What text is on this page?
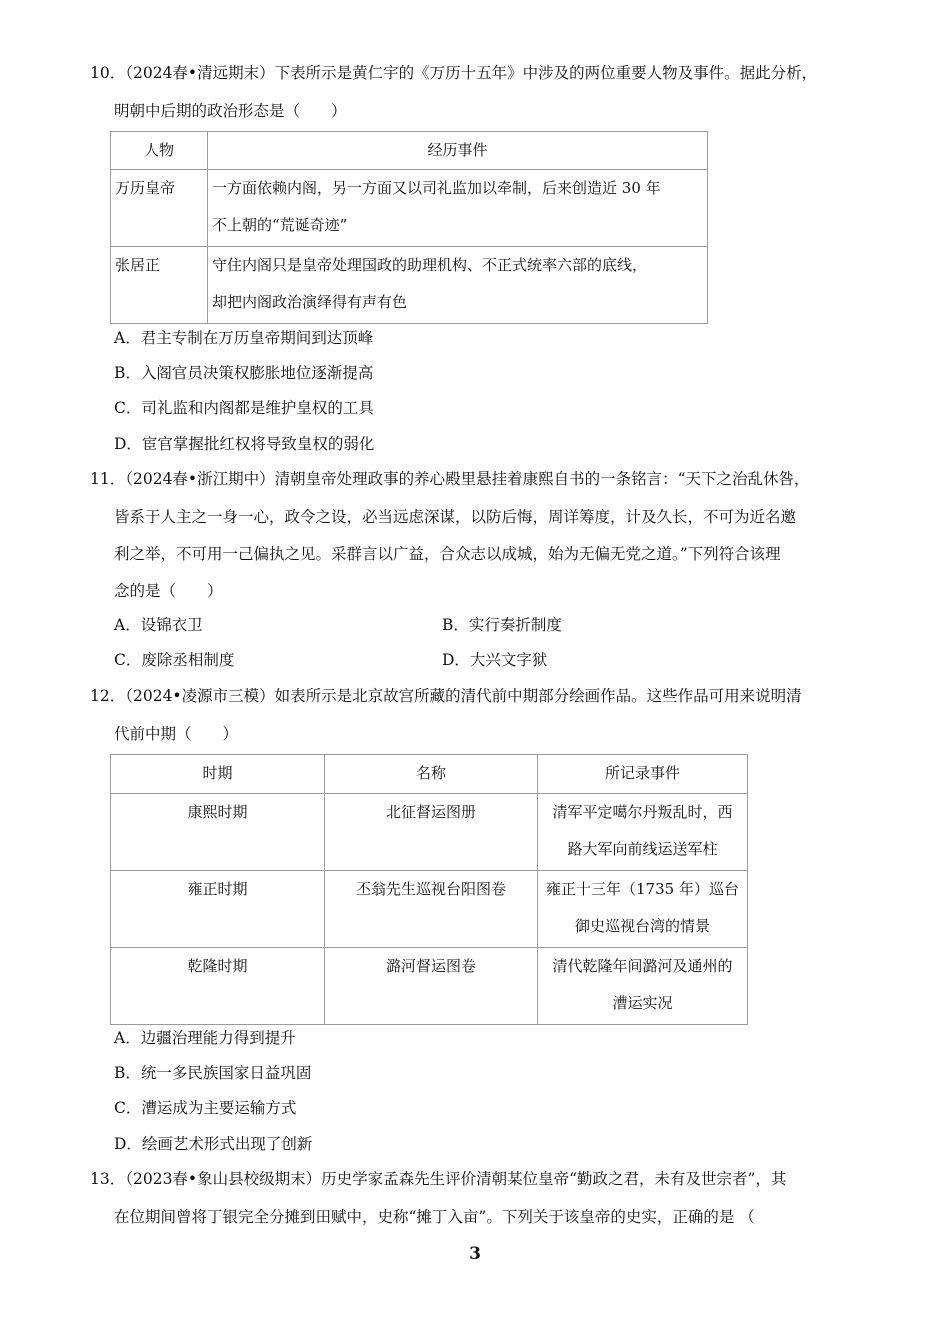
10．（2024春•清远期末）下表所示是黄仁宇的《万历十五年》中涉及的两位重要人物及事件。据此分析，
明朝中后期的政治形态是（　　）
人物	经历事件
万历皇帝	一方面依赖内阁，另一方面又以司礼监加以牵制，后来创造近 30 年
不上朝的“荒诞奇迹”

张居正	守住内阁只是皇帝处理国政的助理机构、不正式统率六部的底线，
却把内阁政治演绎得有声有色
A．君主专制在万历皇帝期间到达顶峰
B．入阁官员决策权膨胀地位逐渐提高
C．司礼监和内阁都是维护皇权的工具
D．宦官掌握批红权将导致皇权的弱化
11．（2024春•浙江期中）清朝皇帝处理政事的养心殿里悬挂着康熙自书的一条铭言：“天下之治乱休咎，
皆系于人主之一身一心，政令之设，必当远虑深谋，以防后悔，周详筹度，计及久长，不可为近名邀
利之举，不可用一己偏执之见。采群言以广益，合众志以成城，始为无偏无党之道。”下列符合该理
念的是（　　）
A．设锦衣卫	B．实行奏折制度
C．废除丞相制度	D．大兴文字狱
12．（2024•凌源市三模）如表所示是北京故宫所藏的清代前中期部分绘画作品。这些作品可用来说明清
代前中期（　　）
时期	名称	所记录事件
康熙时期	北征督运图册	清军平定噶尔丹叛乱时，西
路大军向前线运送军柱

雍正时期	丕翁先生巡视台阳图卷	雍正十三年（1735 年）巡台
御史巡视台湾的情景

乾隆时期	潞河督运图卷	清代乾隆年间潞河及通州的
漕运实况
A．边疆治理能力得到提升
B．统一多民族国家日益巩固
C．漕运成为主要运输方式
D．绘画艺术形式出现了创新
13．（2023春•象山县校级期末）历史学家孟森先生评价清朝某位皇帝“勤政之君，未有及世宗者”，其
在位期间曾将丁银完全分摊到田赋中，史称“摊丁入亩”。下列关于该皇帝的史实，正确的是 （
3
